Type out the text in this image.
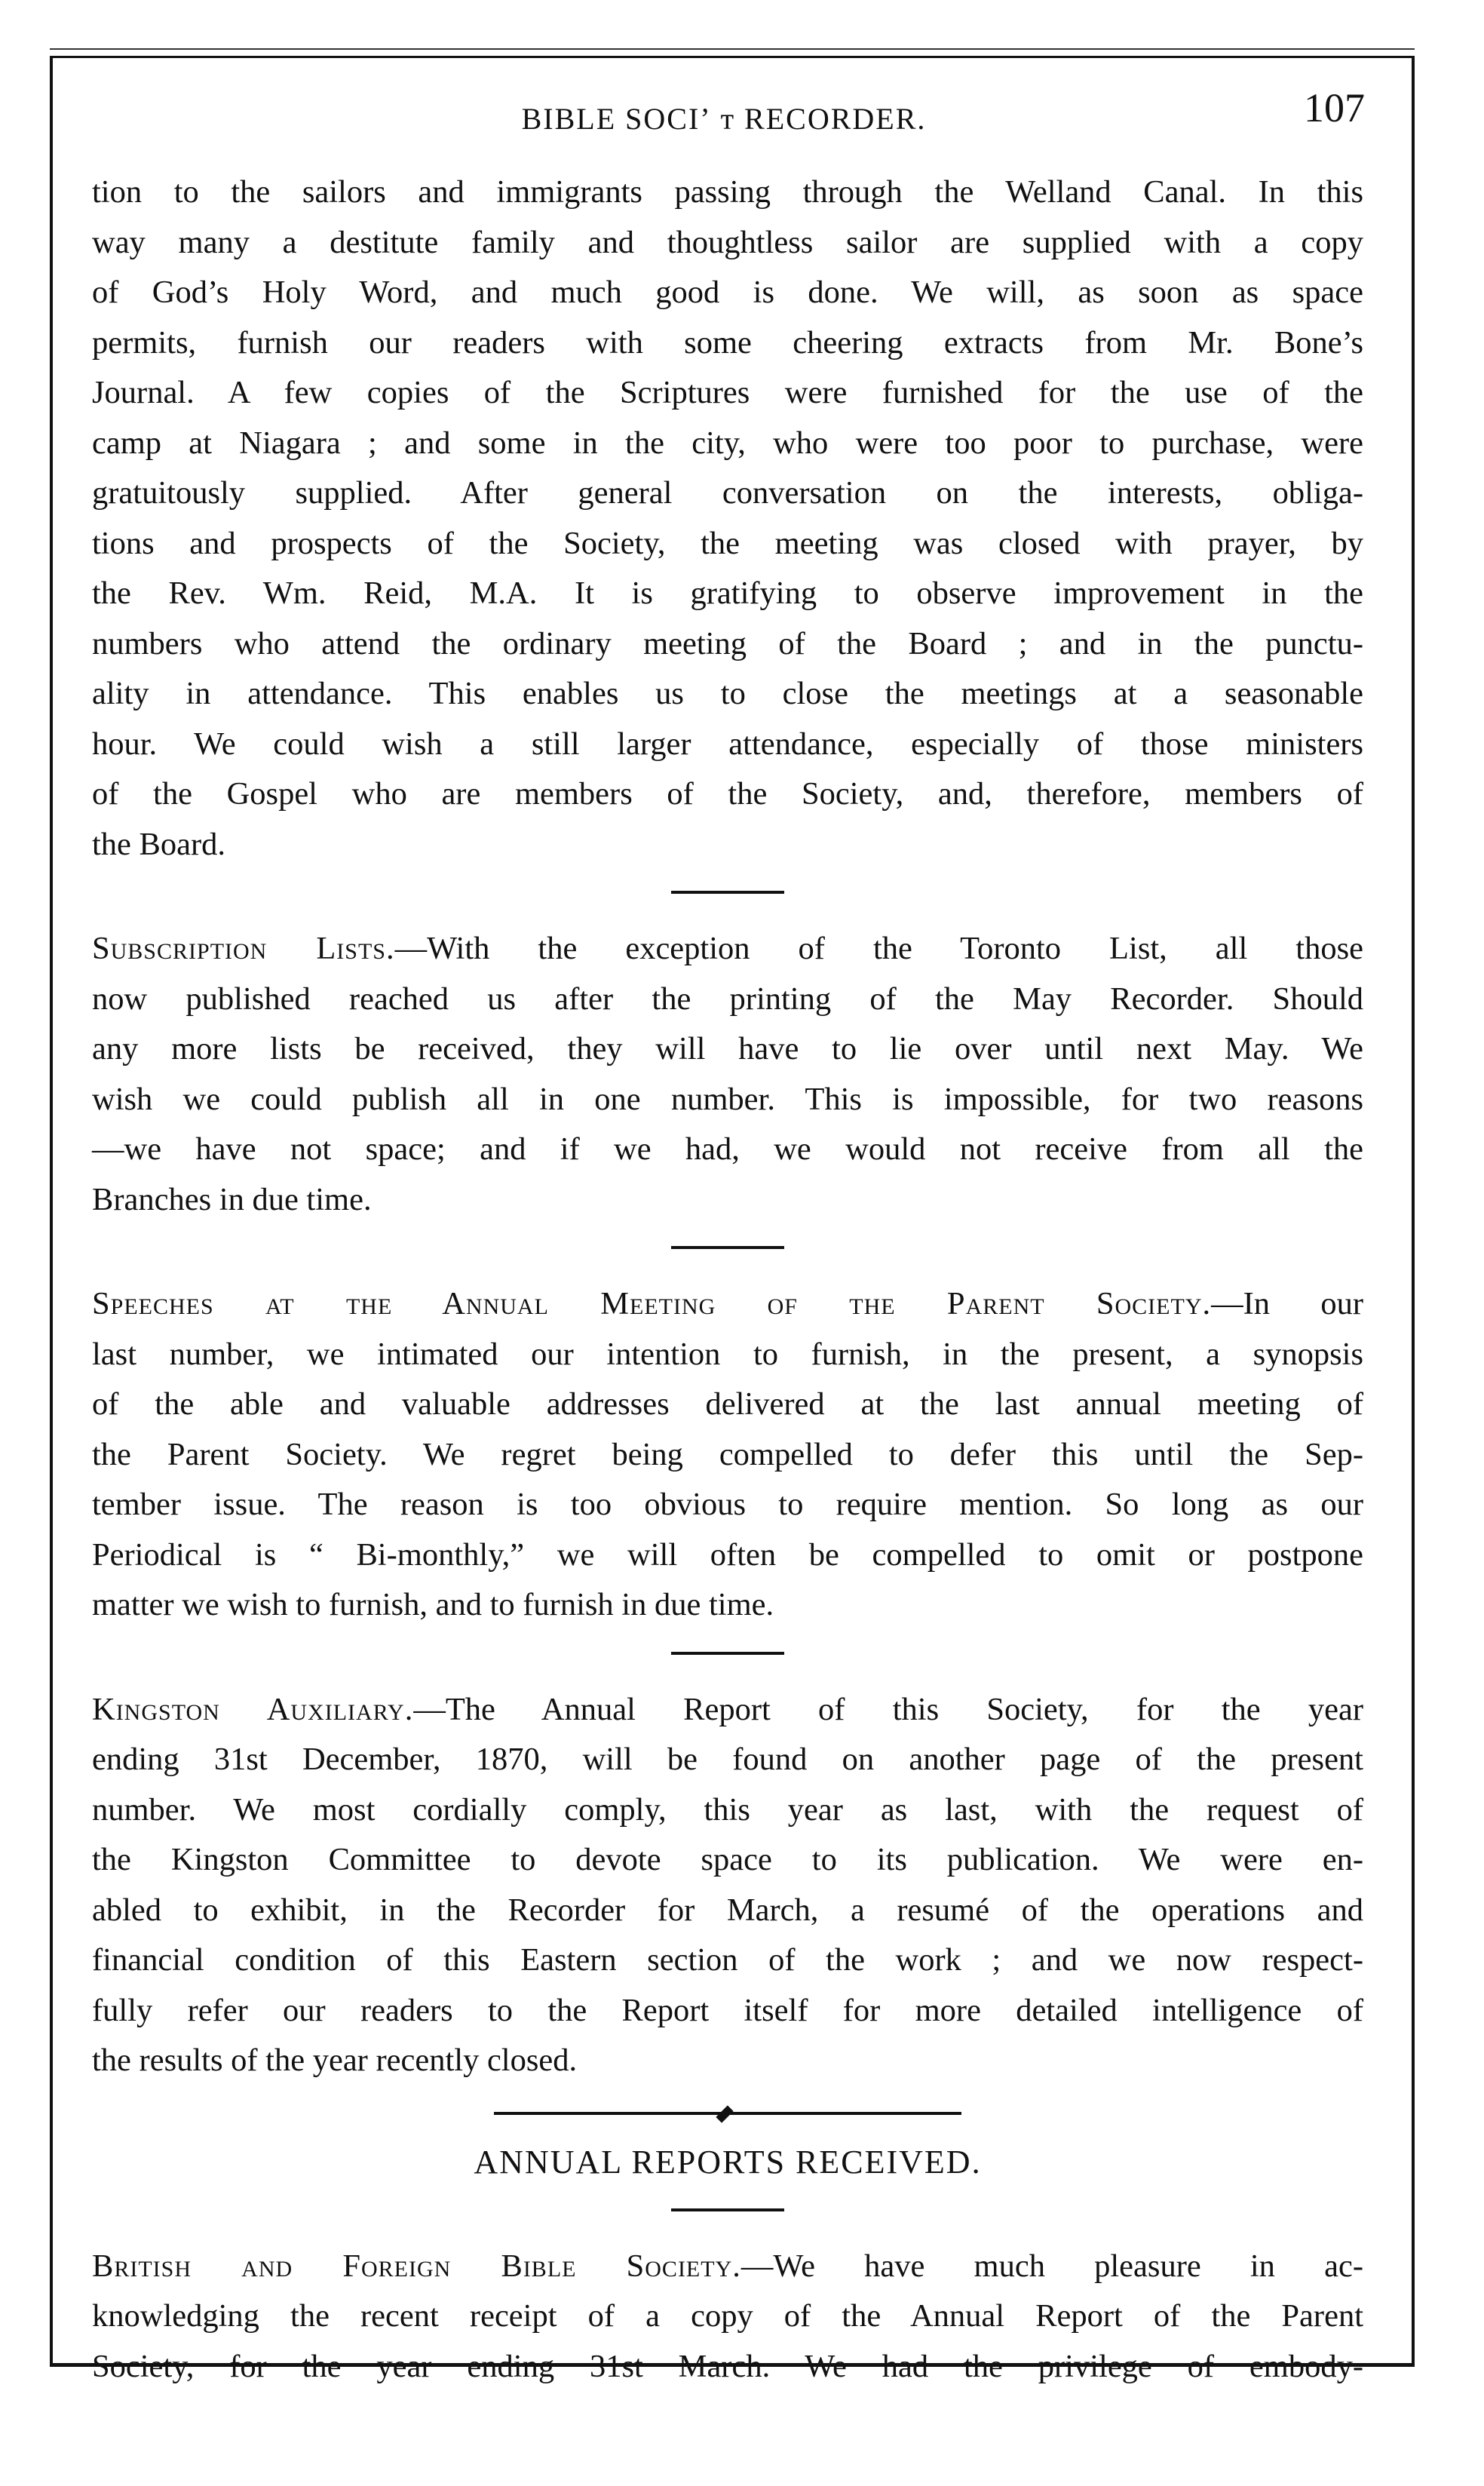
BIBLE SOCIʼ ᴛ RECORDER.	107

tion to the sailors and immigrants passing through the Welland Canal. In this
way many a destitute family and thoughtless sailor are supplied with a copy
of God’s Holy Word, and much good is done. We will, as soon as space
permits, furnish our readers with some cheering extracts from Mr. Bone’s
Journal. A few copies of the Scriptures were furnished for the use of the
camp at Niagara ; and some in the city, who were too poor to purchase, were
gratuitously supplied. After general conversation on the interests, obliga-
tions and prospects of the Society, the meeting was closed with prayer, by
the Rev. Wm. Reid, M.A. It is gratifying to observe improvement in the
numbers who attend the ordinary meeting of the Board ; and in the punctu-
ality in attendance. This enables us to close the meetings at a seasonable
hour. We could wish a still larger attendance, especially of those ministers
of the Gospel who are members of the Society, and, therefore, members of
the Board.

Subscription Lists.—With the exception of the Toronto List, all those
now published reached us after the printing of the May Recorder. Should
any more lists be received, they will have to lie over until next May. We
wish we could publish all in one number. This is impossible, for two reasons
—we have not space; and if we had, we would not receive from all the
Branches in due time.

Speeches at the Annual Meeting of the Parent Society.—In our
last number, we intimated our intention to furnish, in the present, a synopsis
of the able and valuable addresses delivered at the last annual meeting of
the Parent Society. We regret being compelled to defer this until the Sep-
tember issue. The reason is too obvious to require mention. So long as our
Periodical is “ Bi-monthly,” we will often be compelled to omit or postpone
matter we wish to furnish, and to furnish in due time.

Kingston Auxiliary.—The Annual Report of this Society, for the year
ending 31st December, 1870, will be found on another page of the present
number. We most cordially comply, this year as last, with the request of
the Kingston Committee to devote space to its publication. We were en-
abled to exhibit, in the Recorder for March, a resumé of the operations and
financial condition of this Eastern section of the work ; and we now respect-
fully refer our readers to the Report itself for more detailed intelligence of
the results of the year recently closed.

ANNUAL REPORTS RECEIVED.

British and Foreign Bible Society.—We have much pleasure in ac-
knowledging the recent receipt of a copy of the Annual Report of the Parent
Society, for the year ending 31st March. We had the privilege of embody-
